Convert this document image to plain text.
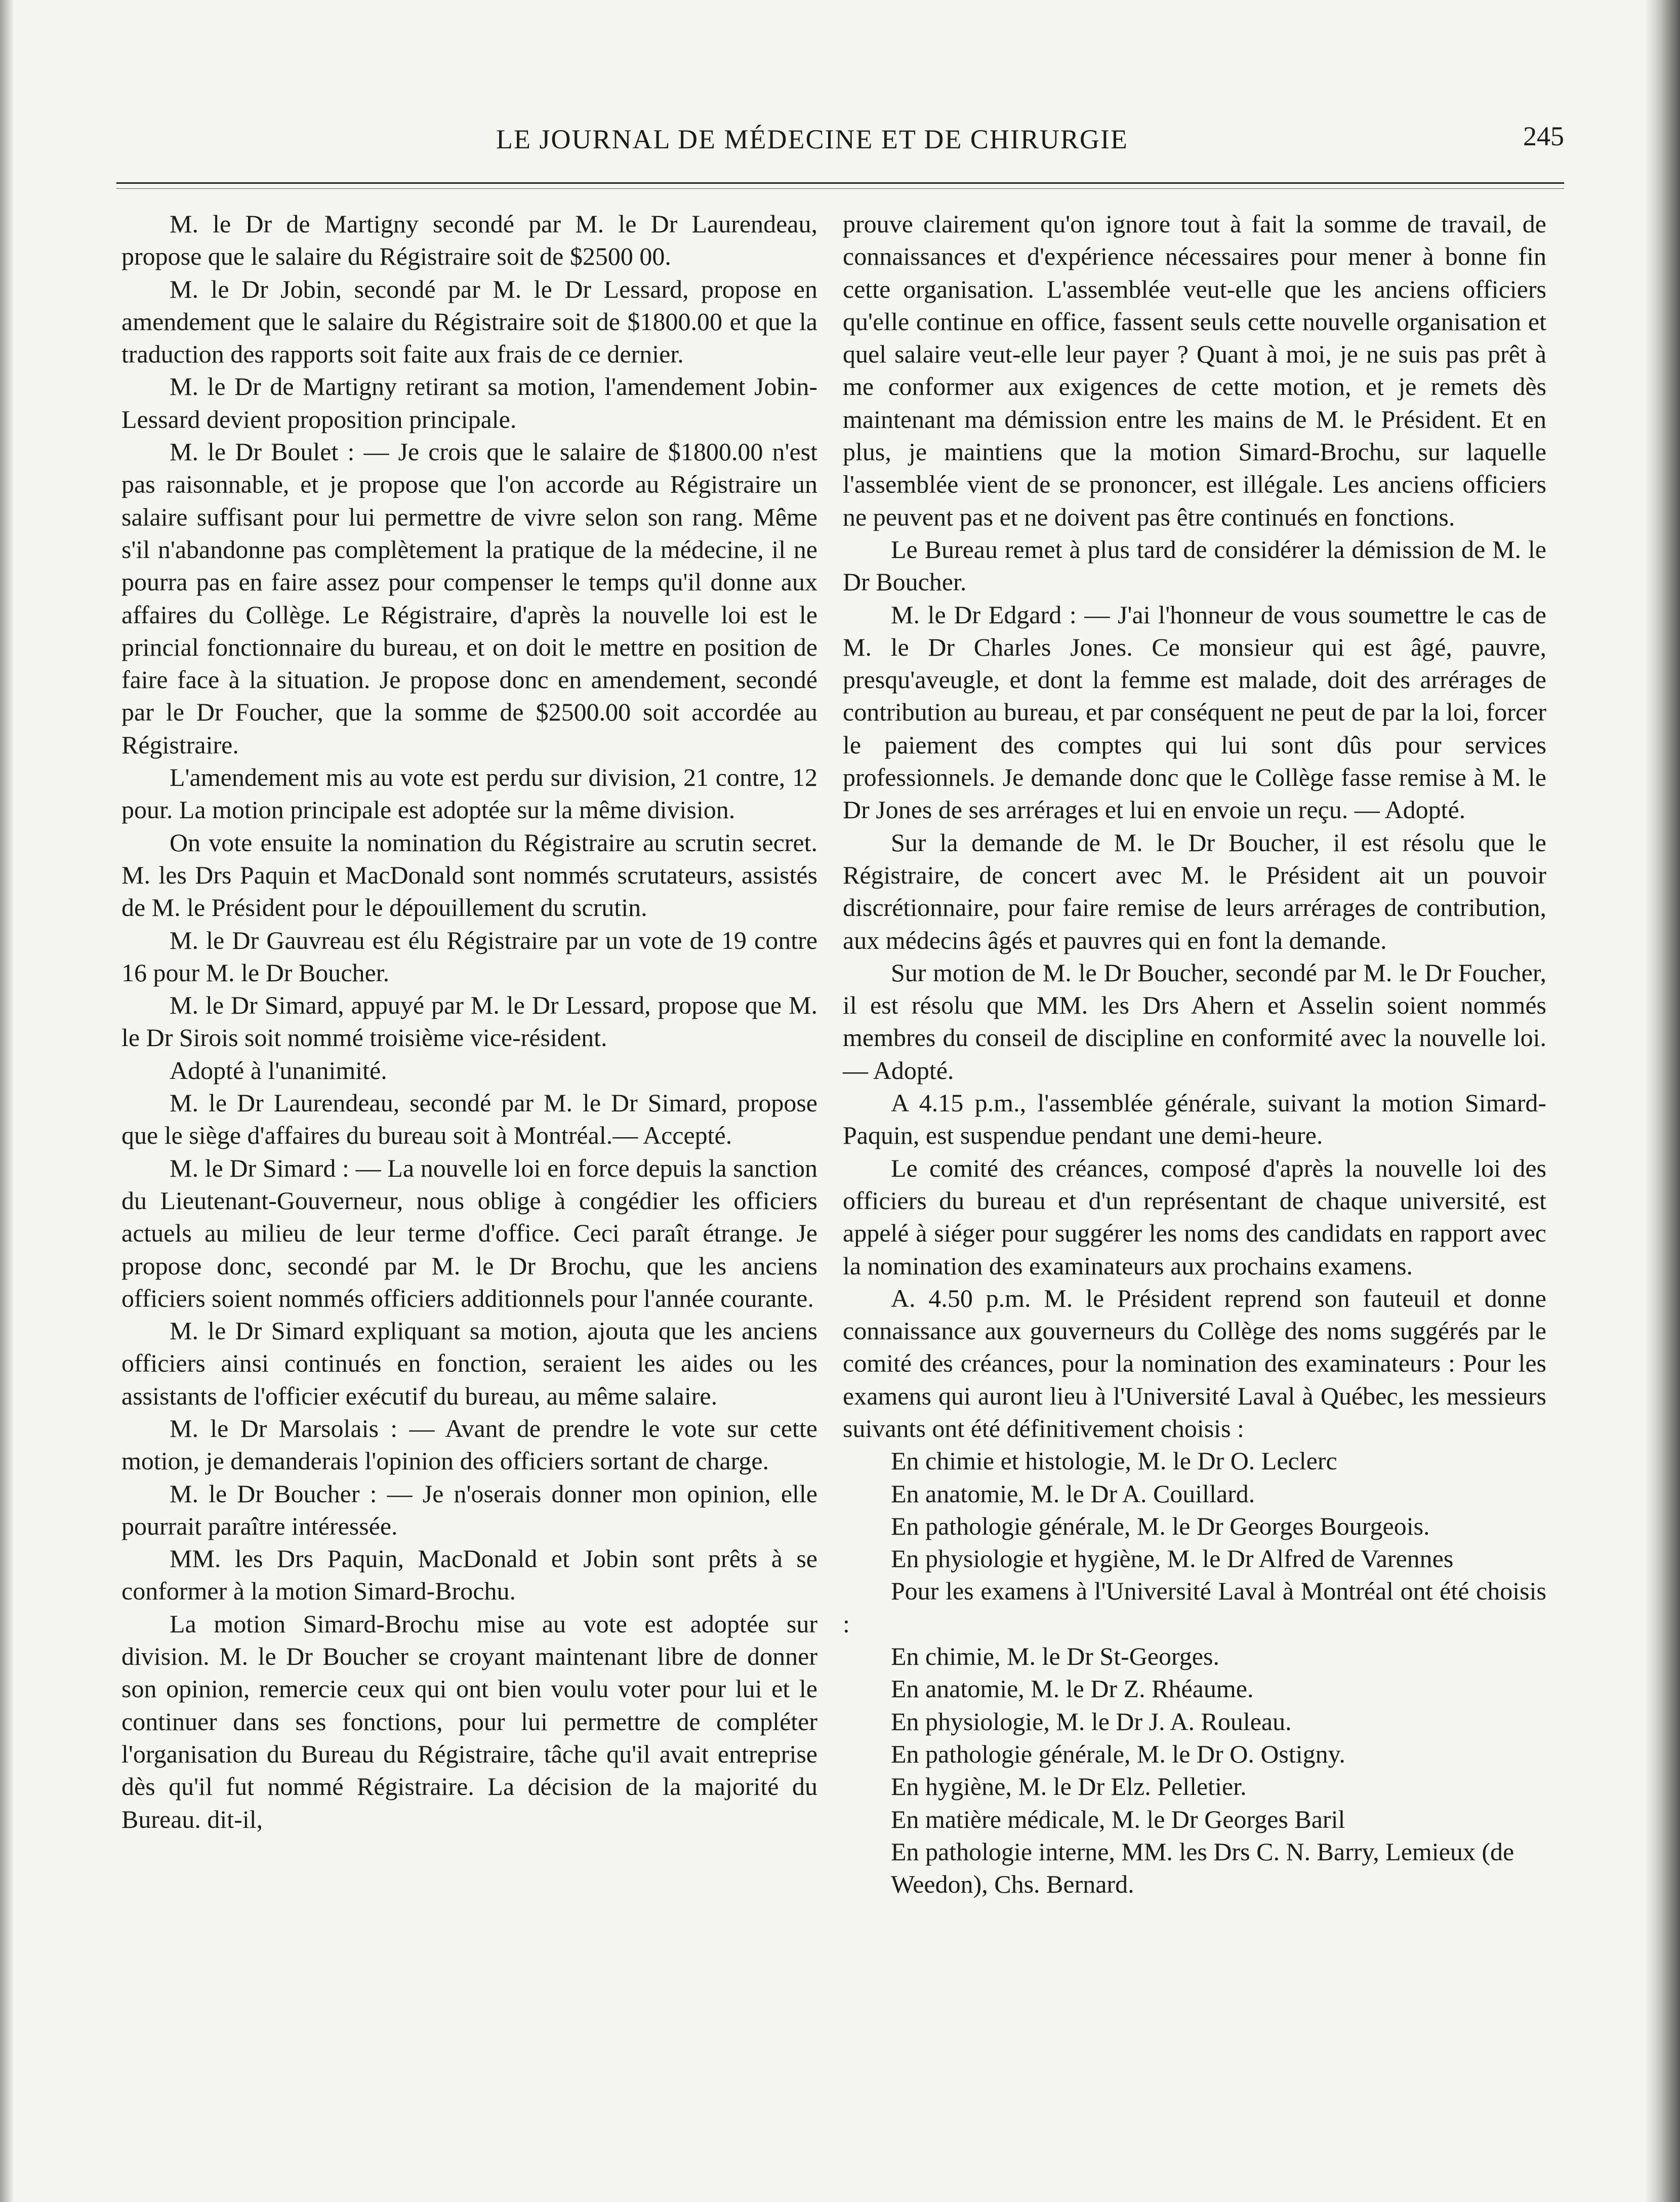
LE JOURNAL DE MÉDECINE ET DE CHIRURGIE	245

M. le Dr de Martigny secondé par M. le Dr Laurendeau, propose que le salaire du Régistraire soit de $2500 00.

M. le Dr Jobin, secondé par M. le Dr Lessard, propose en amendement que le salaire du Régistraire soit de $1800.00 et que la traduction des rapports soit faite aux frais de ce dernier.

M. le Dr de Martigny retirant sa motion, l'amendement Jobin-Lessard devient proposition principale.

M. le Dr Boulet : — Je crois que le salaire de $1800.00 n'est pas raisonnable, et je propose que l'on accorde au Régistraire un salaire suffisant pour lui permettre de vivre selon son rang. Même s'il n'abandonne pas complètement la pratique de la médecine, il ne pourra pas en faire assez pour compenser le temps qu'il donne aux affaires du Collège. Le Régistraire, d'après la nouvelle loi est le princial fonctionnaire du bureau, et on doit le mettre en position de faire face à la situation. Je propose donc en amendement, secondé par le Dr Foucher, que la somme de $2500.00 soit accordée au Régistraire.

L'amendement mis au vote est perdu sur division, 21 contre, 12 pour. La motion principale est adoptée sur la même division.

On vote ensuite la nomination du Régistraire au scrutin secret. M. les Drs Paquin et MacDonald sont nommés scrutateurs, assistés de M. le Président pour le dépouillement du scrutin.

M. le Dr Gauvreau est élu Régistraire par un vote de 19 contre 16 pour M. le Dr Boucher.

M. le Dr Simard, appuyé par M. le Dr Lessard, propose que M. le Dr Sirois soit nommé troisième vice-résident.

Adopté à l'unanimité.

M. le Dr Laurendeau, secondé par M. le Dr Simard, propose que le siège d'affaires du bureau soit à Montréal.— Accepté.

M. le Dr Simard : — La nouvelle loi en force depuis la sanction du Lieutenant-Gouverneur, nous oblige à congédier les officiers actuels au milieu de leur terme d'office. Ceci paraît étrange. Je propose donc, secondé par M. le Dr Brochu, que les anciens officiers soient nommés officiers additionnels pour l'année courante.

M. le Dr Simard expliquant sa motion, ajouta que les anciens officiers ainsi continués en fonction, seraient les aides ou les assistants de l'officier exécutif du bureau, au même salaire.

M. le Dr Marsolais : — Avant de prendre le vote sur cette motion, je demanderais l'opinion des officiers sortant de charge.

M. le Dr Boucher : — Je n'oserais donner mon opinion, elle pourrait paraître intéressée.

MM. les Drs Paquin, MacDonald et Jobin sont prêts à se conformer à la motion Simard-Brochu.

La motion Simard-Brochu mise au vote est adoptée sur division. M. le Dr Boucher se croyant maintenant libre de donner son opinion, remercie ceux qui ont bien voulu voter pour lui et le continuer dans ses fonctions, pour lui permettre de compléter l'organisation du Bureau du Régistraire, tâche qu'il avait entreprise dès qu'il fut nommé Régistraire. La décision de la majorité du Bureau. dit-il,

prouve clairement qu'on ignore tout à fait la somme de travail, de connaissances et d'expérience nécessaires pour mener à bonne fin cette organisation. L'assemblée veut-elle que les anciens officiers qu'elle continue en office, fassent seuls cette nouvelle organisation et quel salaire veut-elle leur payer ? Quant à moi, je ne suis pas prêt à me conformer aux exigences de cette motion, et je remets dès maintenant ma démission entre les mains de M. le Président. Et en plus, je maintiens que la motion Simard-Brochu, sur laquelle l'assemblée vient de se prononcer, est illégale. Les anciens officiers ne peuvent pas et ne doivent pas être continués en fonctions.

Le Bureau remet à plus tard de considérer la démission de M. le Dr Boucher.

M. le Dr Edgard : — J'ai l'honneur de vous soumettre le cas de M. le Dr Charles Jones. Ce monsieur qui est âgé, pauvre, presqu'aveugle, et dont la femme est malade, doit des arrérages de contribution au bureau, et par conséquent ne peut de par la loi, forcer le paiement des comptes qui lui sont dûs pour services professionnels. Je demande donc que le Collège fasse remise à M. le Dr Jones de ses arrérages et lui en envoie un reçu. — Adopté.

Sur la demande de M. le Dr Boucher, il est résolu que le Régistraire, de concert avec M. le Président ait un pouvoir discrétionnaire, pour faire remise de leurs arrérages de contribution, aux médecins âgés et pauvres qui en font la demande.

Sur motion de M. le Dr Boucher, secondé par M. le Dr Foucher, il est résolu que MM. les Drs Ahern et Asselin soient nommés membres du conseil de discipline en conformité avec la nouvelle loi. — Adopté.

A 4.15 p.m., l'assemblée générale, suivant la motion Simard-Paquin, est suspendue pendant une demi-heure.

Le comité des créances, composé d'après la nouvelle loi des officiers du bureau et d'un représentant de chaque université, est appelé à siéger pour suggérer les noms des candidats en rapport avec la nomination des examinateurs aux prochains examens.

A. 4.50 p.m. M. le Président reprend son fauteuil et donne connaissance aux gouverneurs du Collège des noms suggérés par le comité des créances, pour la nomination des examinateurs : Pour les examens qui auront lieu à l'Université Laval à Québec, les messieurs suivants ont été définitivement choisis :

En chimie et histologie, M. le Dr O. Leclerc

En anatomie, M. le Dr A. Couillard.

En pathologie générale, M. le Dr Georges Bourgeois.

En physiologie et hygiène, M. le Dr Alfred de Varennes

Pour les examens à l'Université Laval à Montréal ont été choisis :

En chimie, M. le Dr St-Georges.

En anatomie, M. le Dr Z. Rhéaume.

En physiologie, M. le Dr J. A. Rouleau.

En pathologie générale, M. le Dr O. Ostigny.

En hygiène, M. le Dr Elz. Pelletier.

En matière médicale, M. le Dr Georges Baril

En pathologie interne, MM. les Drs C. N. Barry, Lemieux (de Weedon), Chs. Bernard.
